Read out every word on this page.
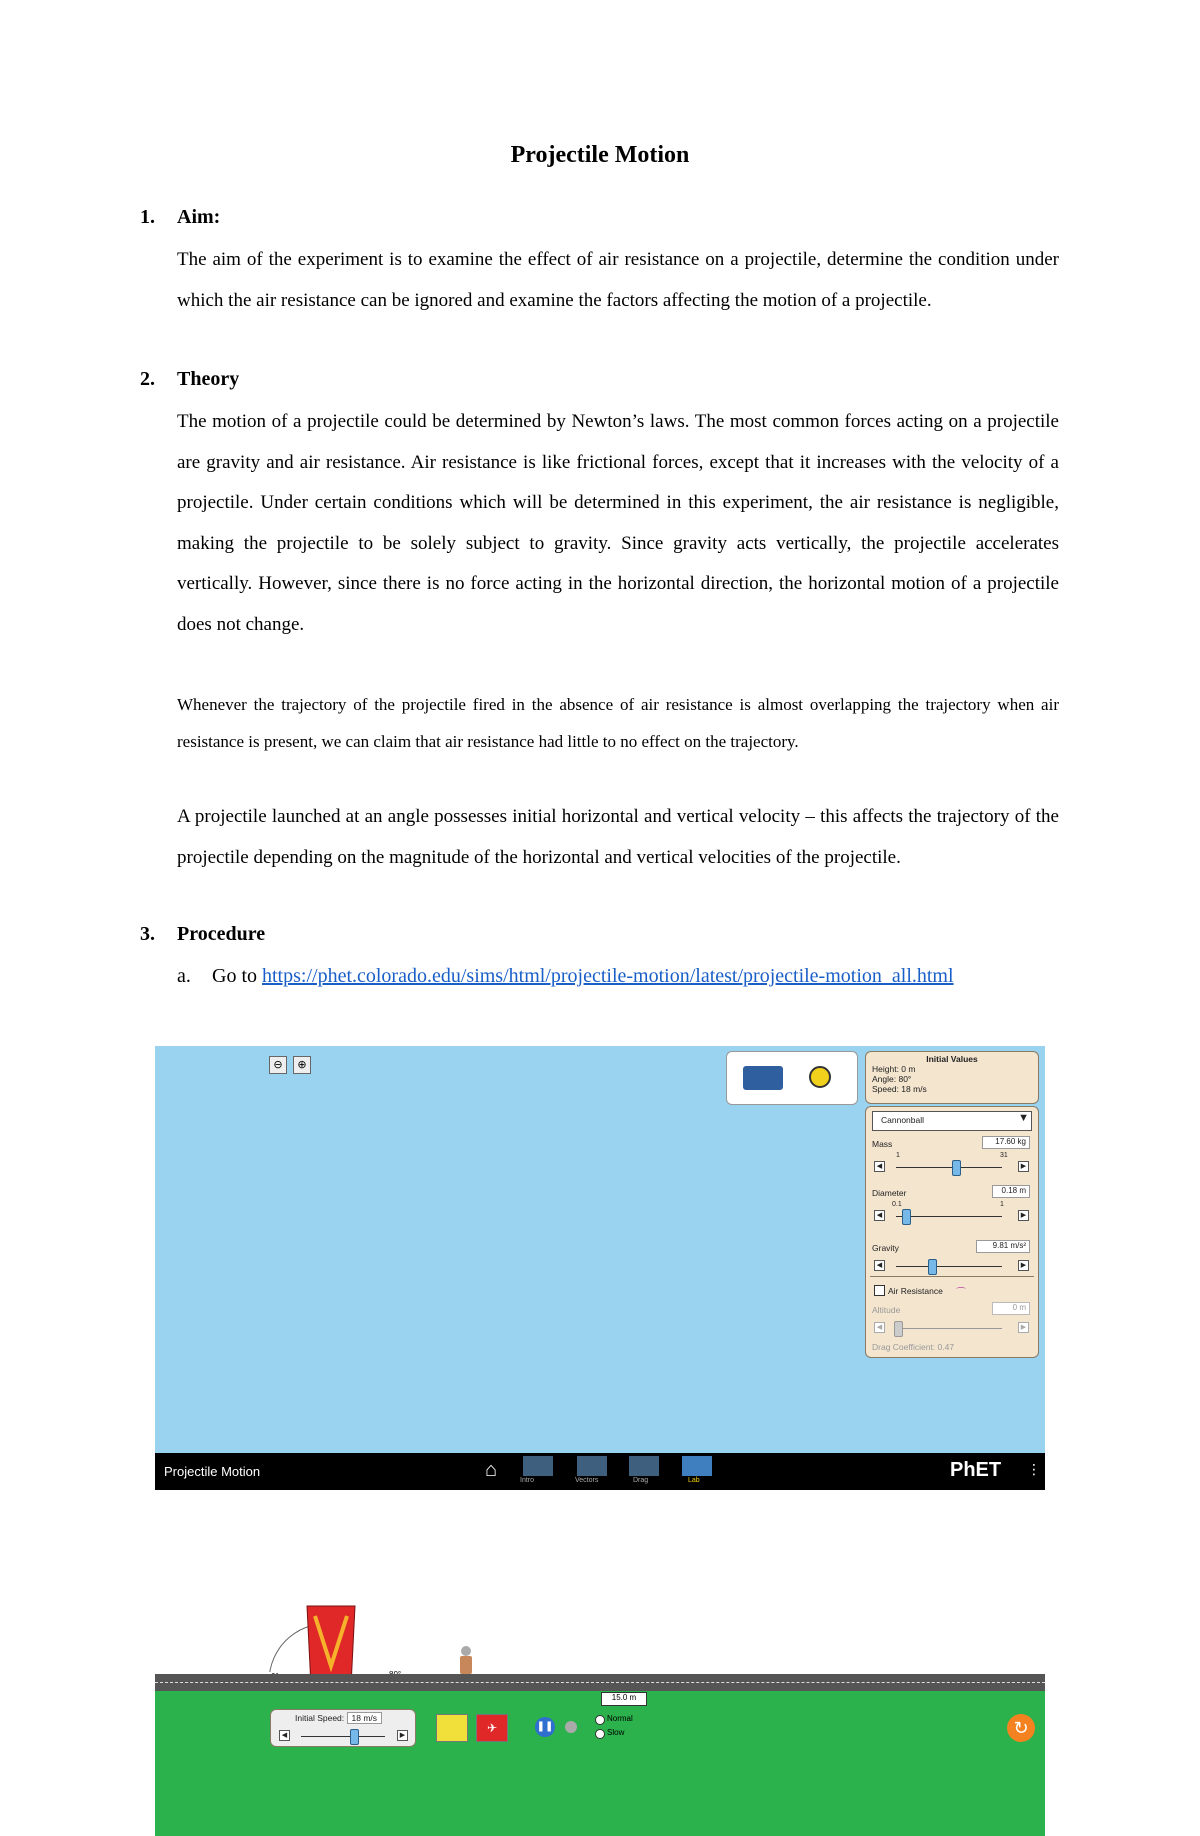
Projectile Motion
1. Aim:
The aim of the experiment is to examine the effect of air resistance on a projectile, determine the condition under which the air resistance can be ignored and examine the factors affecting the motion of a projectile.
2. Theory
The motion of a projectile could be determined by Newton’s laws. The most common forces acting on a projectile are gravity and air resistance. Air resistance is like frictional forces, except that it increases with the velocity of a projectile. Under certain conditions which will be determined in this experiment, the air resistance is negligible, making the projectile to be solely subject to gravity. Since gravity acts vertically, the projectile accelerates vertically. However, since there is no force acting in the horizontal direction, the horizontal motion of a projectile does not change.
Whenever the trajectory of the projectile fired in the absence of air resistance is almost overlapping the trajectory when air resistance is present, we can claim that air resistance had little to no effect on the trajectory.
A projectile launched at an angle possesses initial horizontal and vertical velocity – this affects the trajectory of the projectile depending on the magnitude of the horizontal and vertical velocities of the projectile.
3. Procedure
a. Go to https://phet.colorado.edu/sims/html/projectile-motion/latest/projectile-motion_all.html
⊖	⊕	Initial Values
Height: 0 m
Angle: 80°
Speed: 18 m/s
Cannonball	▼
Mass	17.60 kg
1	31
◀	▶
Diameter	0.18 m
0.1	1
◀	▶
Gravity	9.81 m/s²
◀	▶
Air Resistance ⌒
Altitude	0 m
◀	▶
Drag Coefficient: 0.47
15.0 m
Initial Speed: 18 m/s
◀	▶
✈	❚❚
Normal
Slow	↻
Projectile Motion	⌂	Intro	Vectors	Drag	Lab	PhET ⋮
